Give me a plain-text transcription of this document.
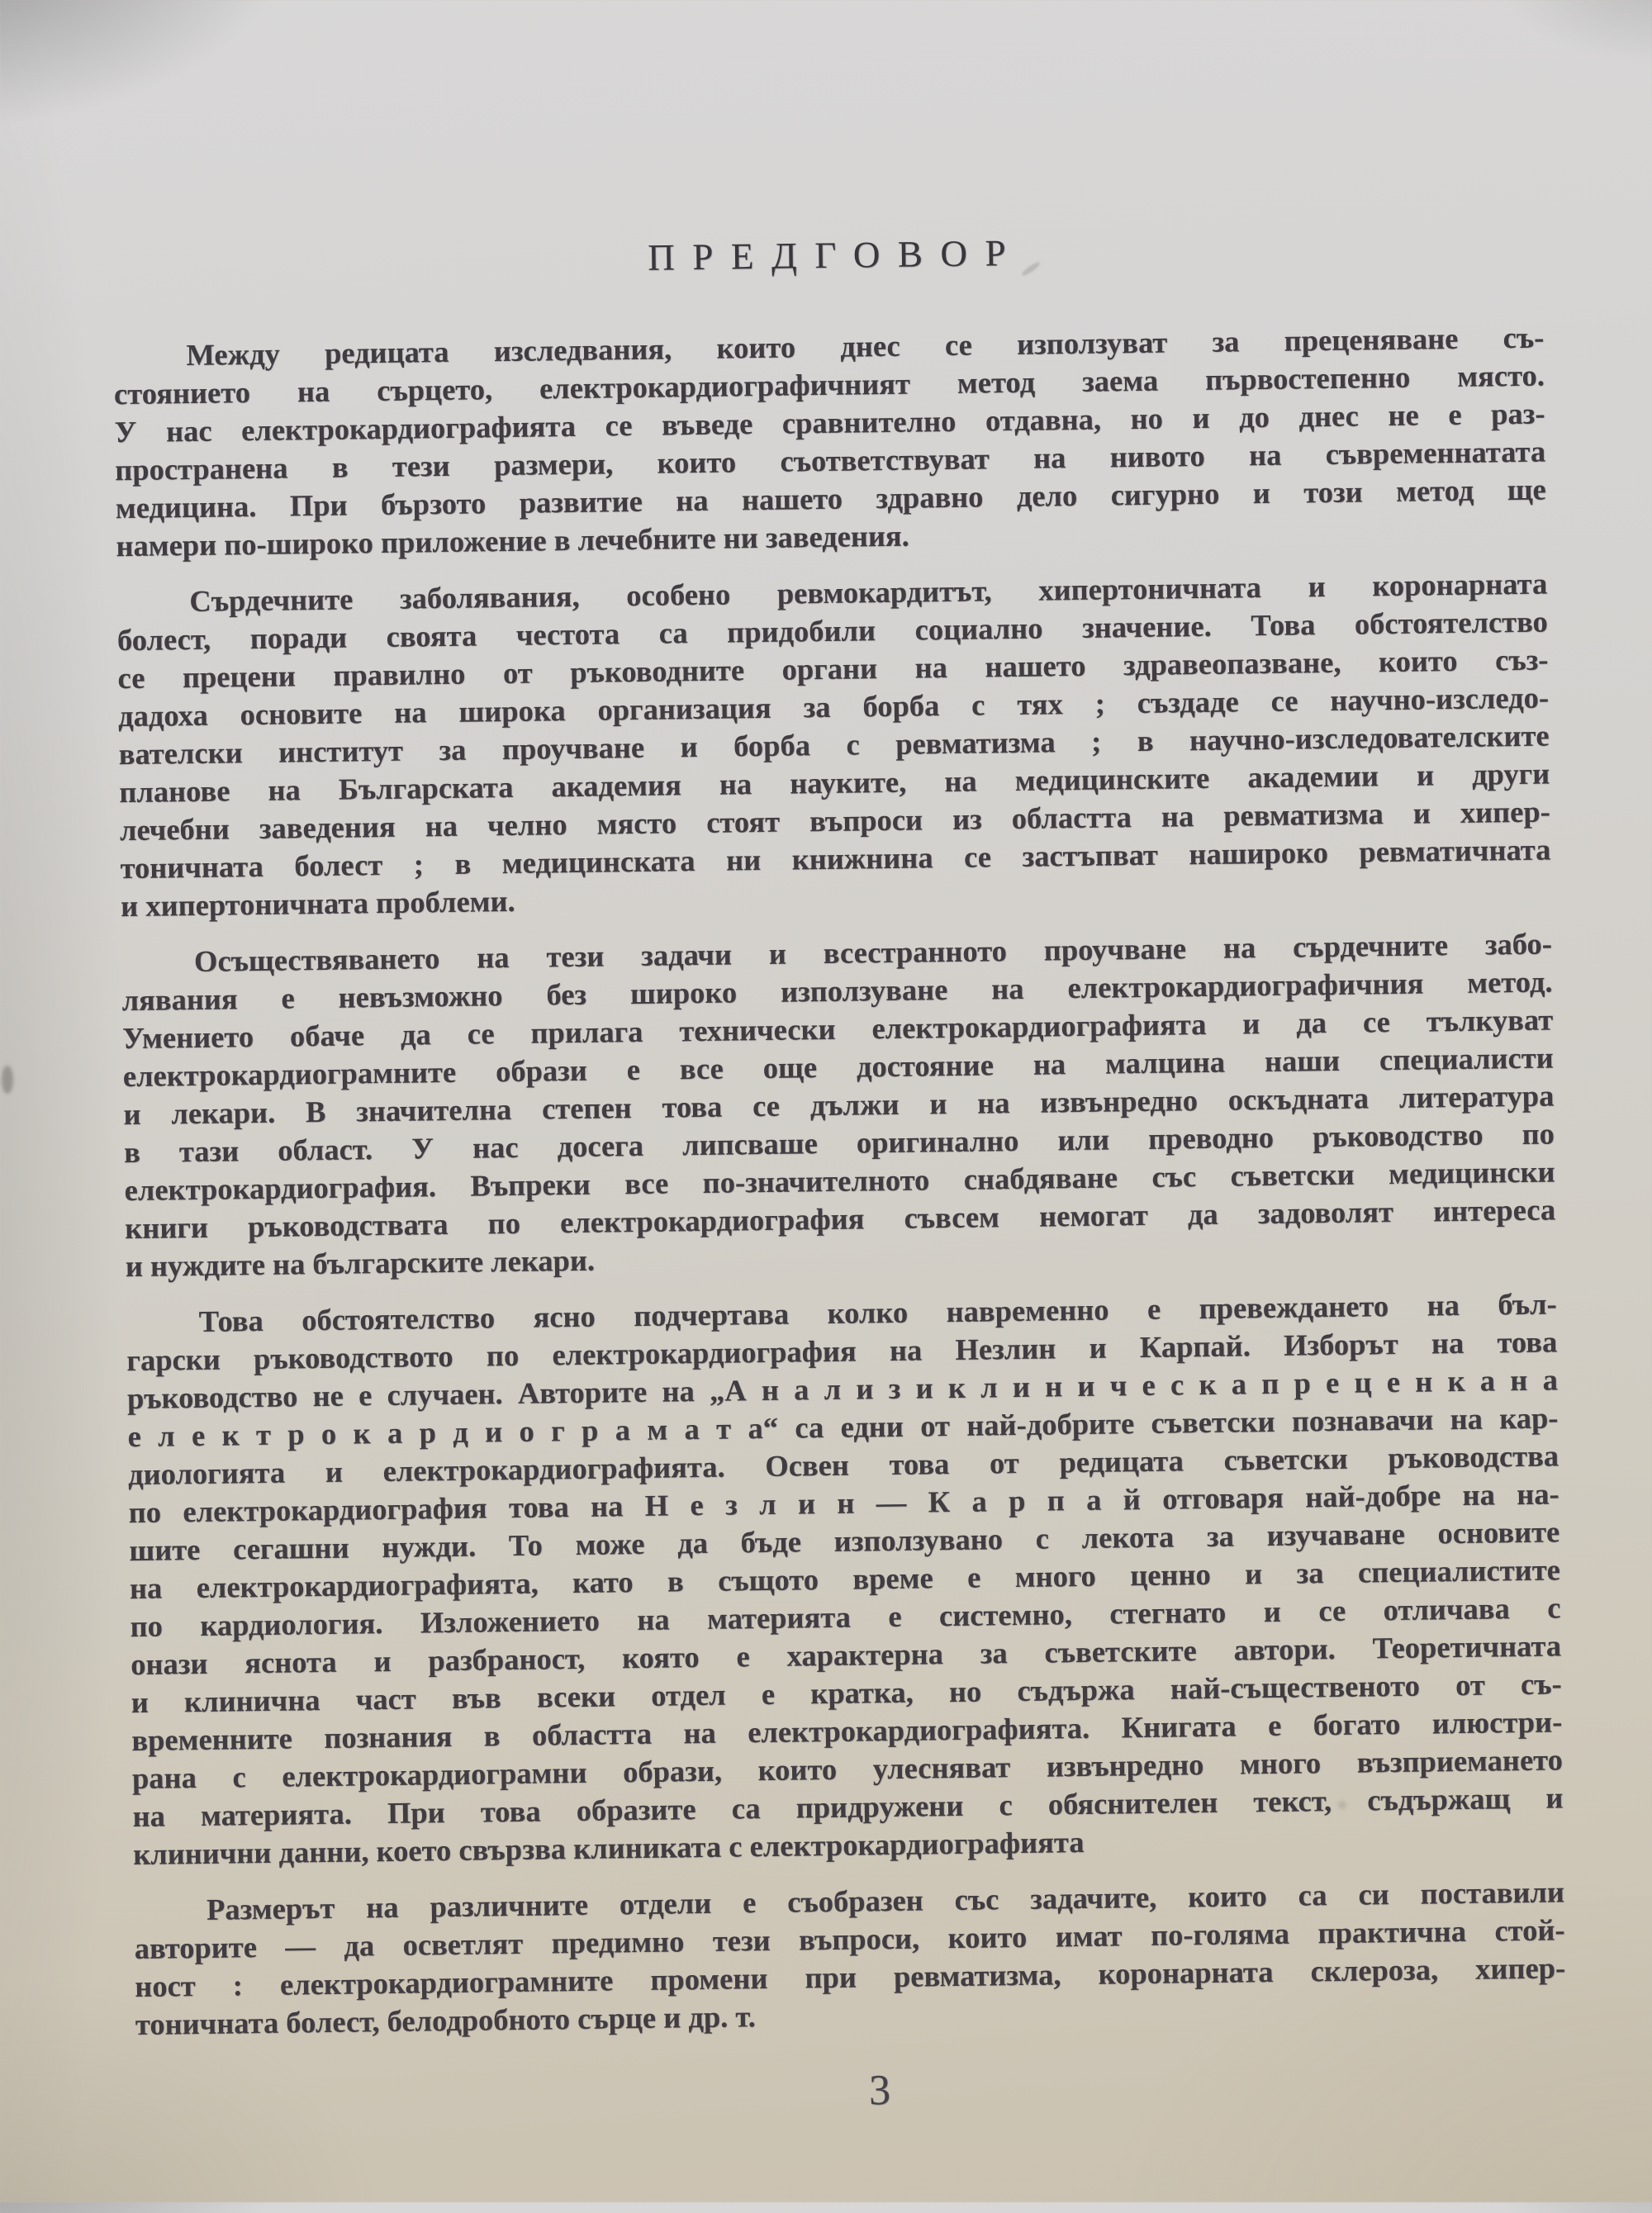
ПРЕДГОВОР
Между редицата изследвания, които днес се използуват за преценяване съ-
стоянието на сърцето, електрокардиографичният метод заема първостепенно място.
У нас електрокардиографията се въведе сравнително отдавна, но и до днес не е раз-
пространена в тези размери, които съответствуват на нивото на съвременнатата
медицина. При бързото развитие на нашето здравно дело сигурно и този метод ще
намери по-широко приложение в лечебните ни заведения.
Сърдечните заболявания, особено ревмокардитът, хипертоничната и коронарната
болест, поради своята честота са придобили социално значение. Това обстоятелство
се прецени правилно от ръководните органи на нашето здравеопазване, които съз-
дадоха основите на широка организация за борба с тях ; създаде се научно-изследо-
вателски институт за проучване и борба с ревматизма ; в научно-изследователските
планове на Българската академия на науките, на медицинските академии и други
лечебни заведения на челно място стоят въпроси из областта на ревматизма и хипер-
тоничната болест ; в медицинската ни книжнина се застъпват нашироко ревматичната
и хипертоничната проблеми.
Осъществяването на тези задачи и всестранното проучване на сърдечните забо-
лявания е невъзможно без широко използуване на електрокардиографичния метод.
Умението обаче да се прилага технически електрокардиографията и да се тълкуват
електрокардиограмните образи е все още достояние на малцина наши специалисти
и лекари. В значителна степен това се дължи и на извънредно оскъдната литература
в тази област. У нас досега липсваше оригинално или преводно ръководство по
електрокардиография. Въпреки все по-значителното снабдяване със съветски медицински
книги ръководствата по електрокардиография съвсем немогат да задоволят интереса
и нуждите на българските лекари.
Това обстоятелство ясно подчертава колко навременно е превеждането на бъл-
гарски ръководството по електрокардиография на Незлин и Карпай. Изборът на това
ръководство не е случаен. Авторите на „А н а л и з и к л и н и ч е с к а п р е ц е н к а н а
е л е к т р о к а р д и о г р а м а т а“ са едни от най-добрите съветски познавачи на кар-
диологията и електрокардиографията. Освен това от редицата съветски ръководства
по електрокардиография това на Н е з л и н — К а р п а й отговаря най-добре на на-
шите сегашни нужди. То може да бъде използувано с лекота за изучаване основите
на електрокардиографията, като в същото време е много ценно и за специалистите
по кардиология. Изложението на материята е системно, стегнато и се отличава с
онази яснота и разбраност, която е характерна за съветските автори. Теоретичната
и клинична част във всеки отдел е кратка, но съдържа най-същественото от съ-
временните познания в областта на електрокардиографията. Книгата е богато илюстри-
рана с електрокардиограмни образи, които улесняват извънредно много възприемането
на материята. При това образите са придружени с обяснителен текст, съдържащ и
клинични данни, което свързва клиниката с електрокардиографията
Размерът на различните отдели е съобразен със задачите, които са си поставили
авторите — да осветлят предимно тези въпроси, които имат по-голяма практична стой-
ност : електрокардиограмните промени при ревматизма, коронарната склероза, хипер-
тоничната болест, белодробното сърце и др. т.
3
